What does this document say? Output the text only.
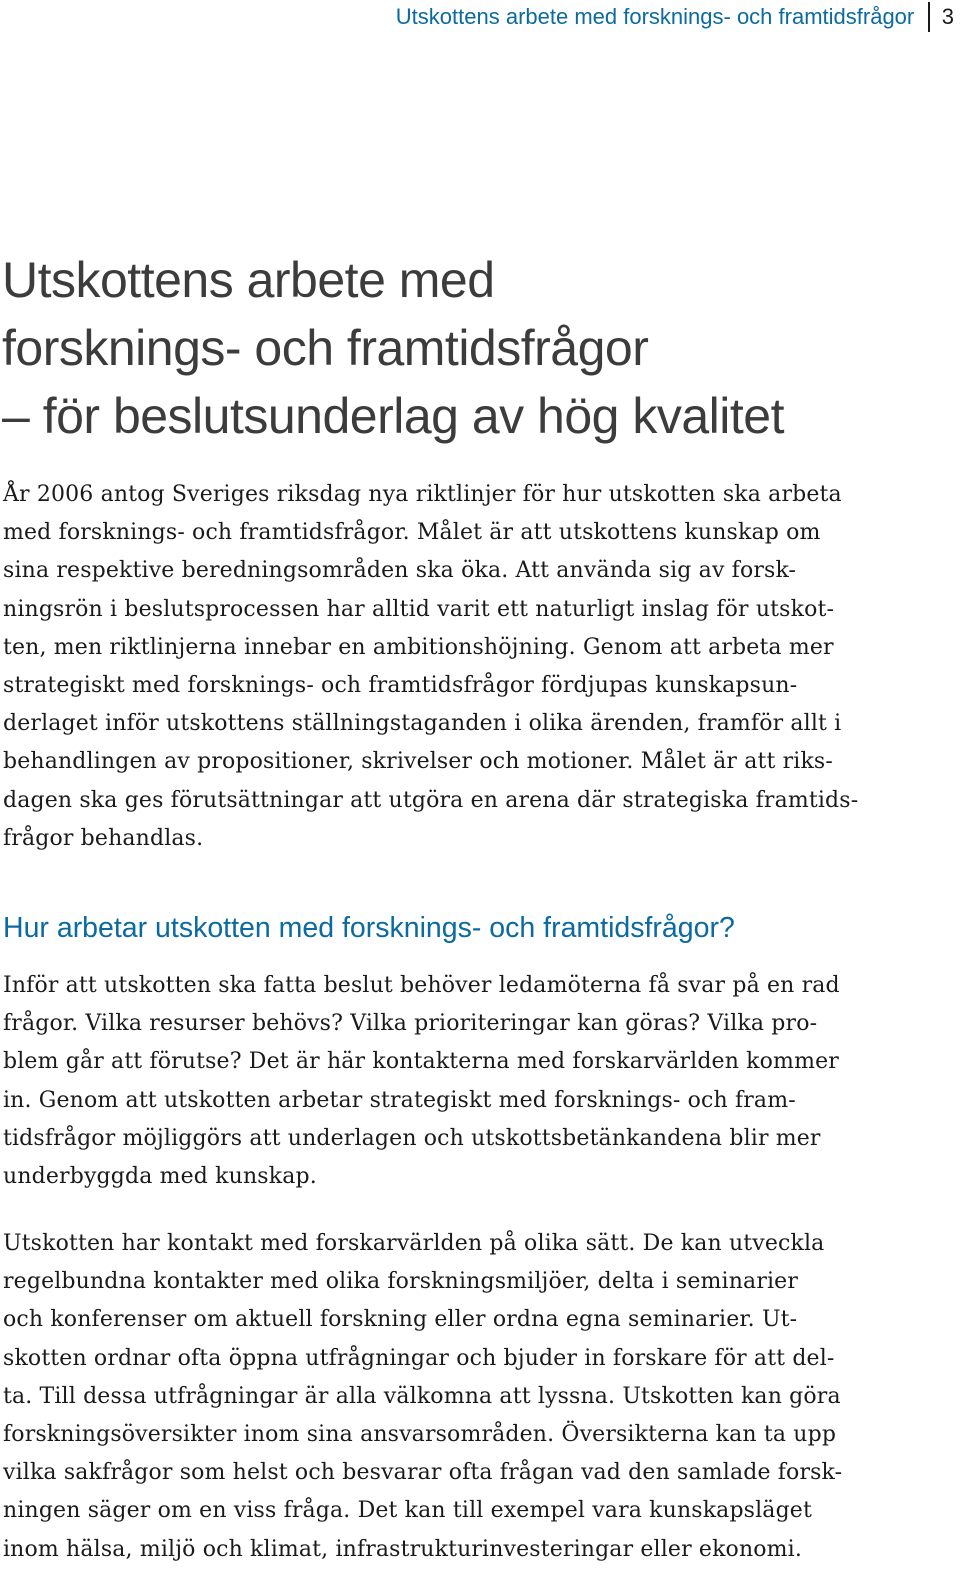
Utskottens arbete med forsknings- och framtidsfrågor 3
Utskottens arbete med
forsknings- och framtidsfrågor
– för beslutsunderlag av hög kvalitet
År 2006 antog Sveriges riksdag nya riktlinjer för hur utskotten ska arbeta
med forsknings- och framtidsfrågor. Målet är att utskottens kunskap om
sina respektive beredningsområden ska öka. Att använda sig av forsk-
ningsrön i beslutsprocessen har alltid varit ett naturligt inslag för utskot-
ten, men riktlinjerna innebar en ambitionshöjning. Genom att arbeta mer
strategiskt med forsknings- och framtidsfrågor fördjupas kunskapsun-
derlaget inför utskottens ställningstaganden i olika ärenden, framför allt i
behandlingen av propositioner, skrivelser och motioner. Målet är att riks-
dagen ska ges förutsättningar att utgöra en arena där strategiska framtids-
frågor behandlas.
Hur arbetar utskotten med forsknings- och framtidsfrågor?
Inför att utskotten ska fatta beslut behöver ledamöterna få svar på en rad
frågor. Vilka resurser behövs? Vilka prioriteringar kan göras? Vilka pro-
blem går att förutse? Det är här kontakterna med forskarvärlden kommer
in. Genom att utskotten arbetar strategiskt med forsknings- och fram-
tidsfrågor möjliggörs att underlagen och utskottsbetänkandena blir mer
underbyggda med kunskap.
Utskotten har kontakt med forskarvärlden på olika sätt. De kan utveckla
regelbundna kontakter med olika forskningsmiljöer, delta i seminarier
och konferenser om aktuell forskning eller ordna egna seminarier. Ut-
skotten ordnar ofta öppna utfrågningar och bjuder in forskare för att del-
ta. Till dessa utfrågningar är alla välkomna att lyssna. Utskotten kan göra
forskningsöversikter inom sina ansvarsområden. Översikterna kan ta upp
vilka sakfrågor som helst och besvarar ofta frågan vad den samlade forsk-
ningen säger om en viss fråga. Det kan till exempel vara kunskapsläget
inom hälsa, miljö och klimat, infrastrukturinvesteringar eller ekonomi.
